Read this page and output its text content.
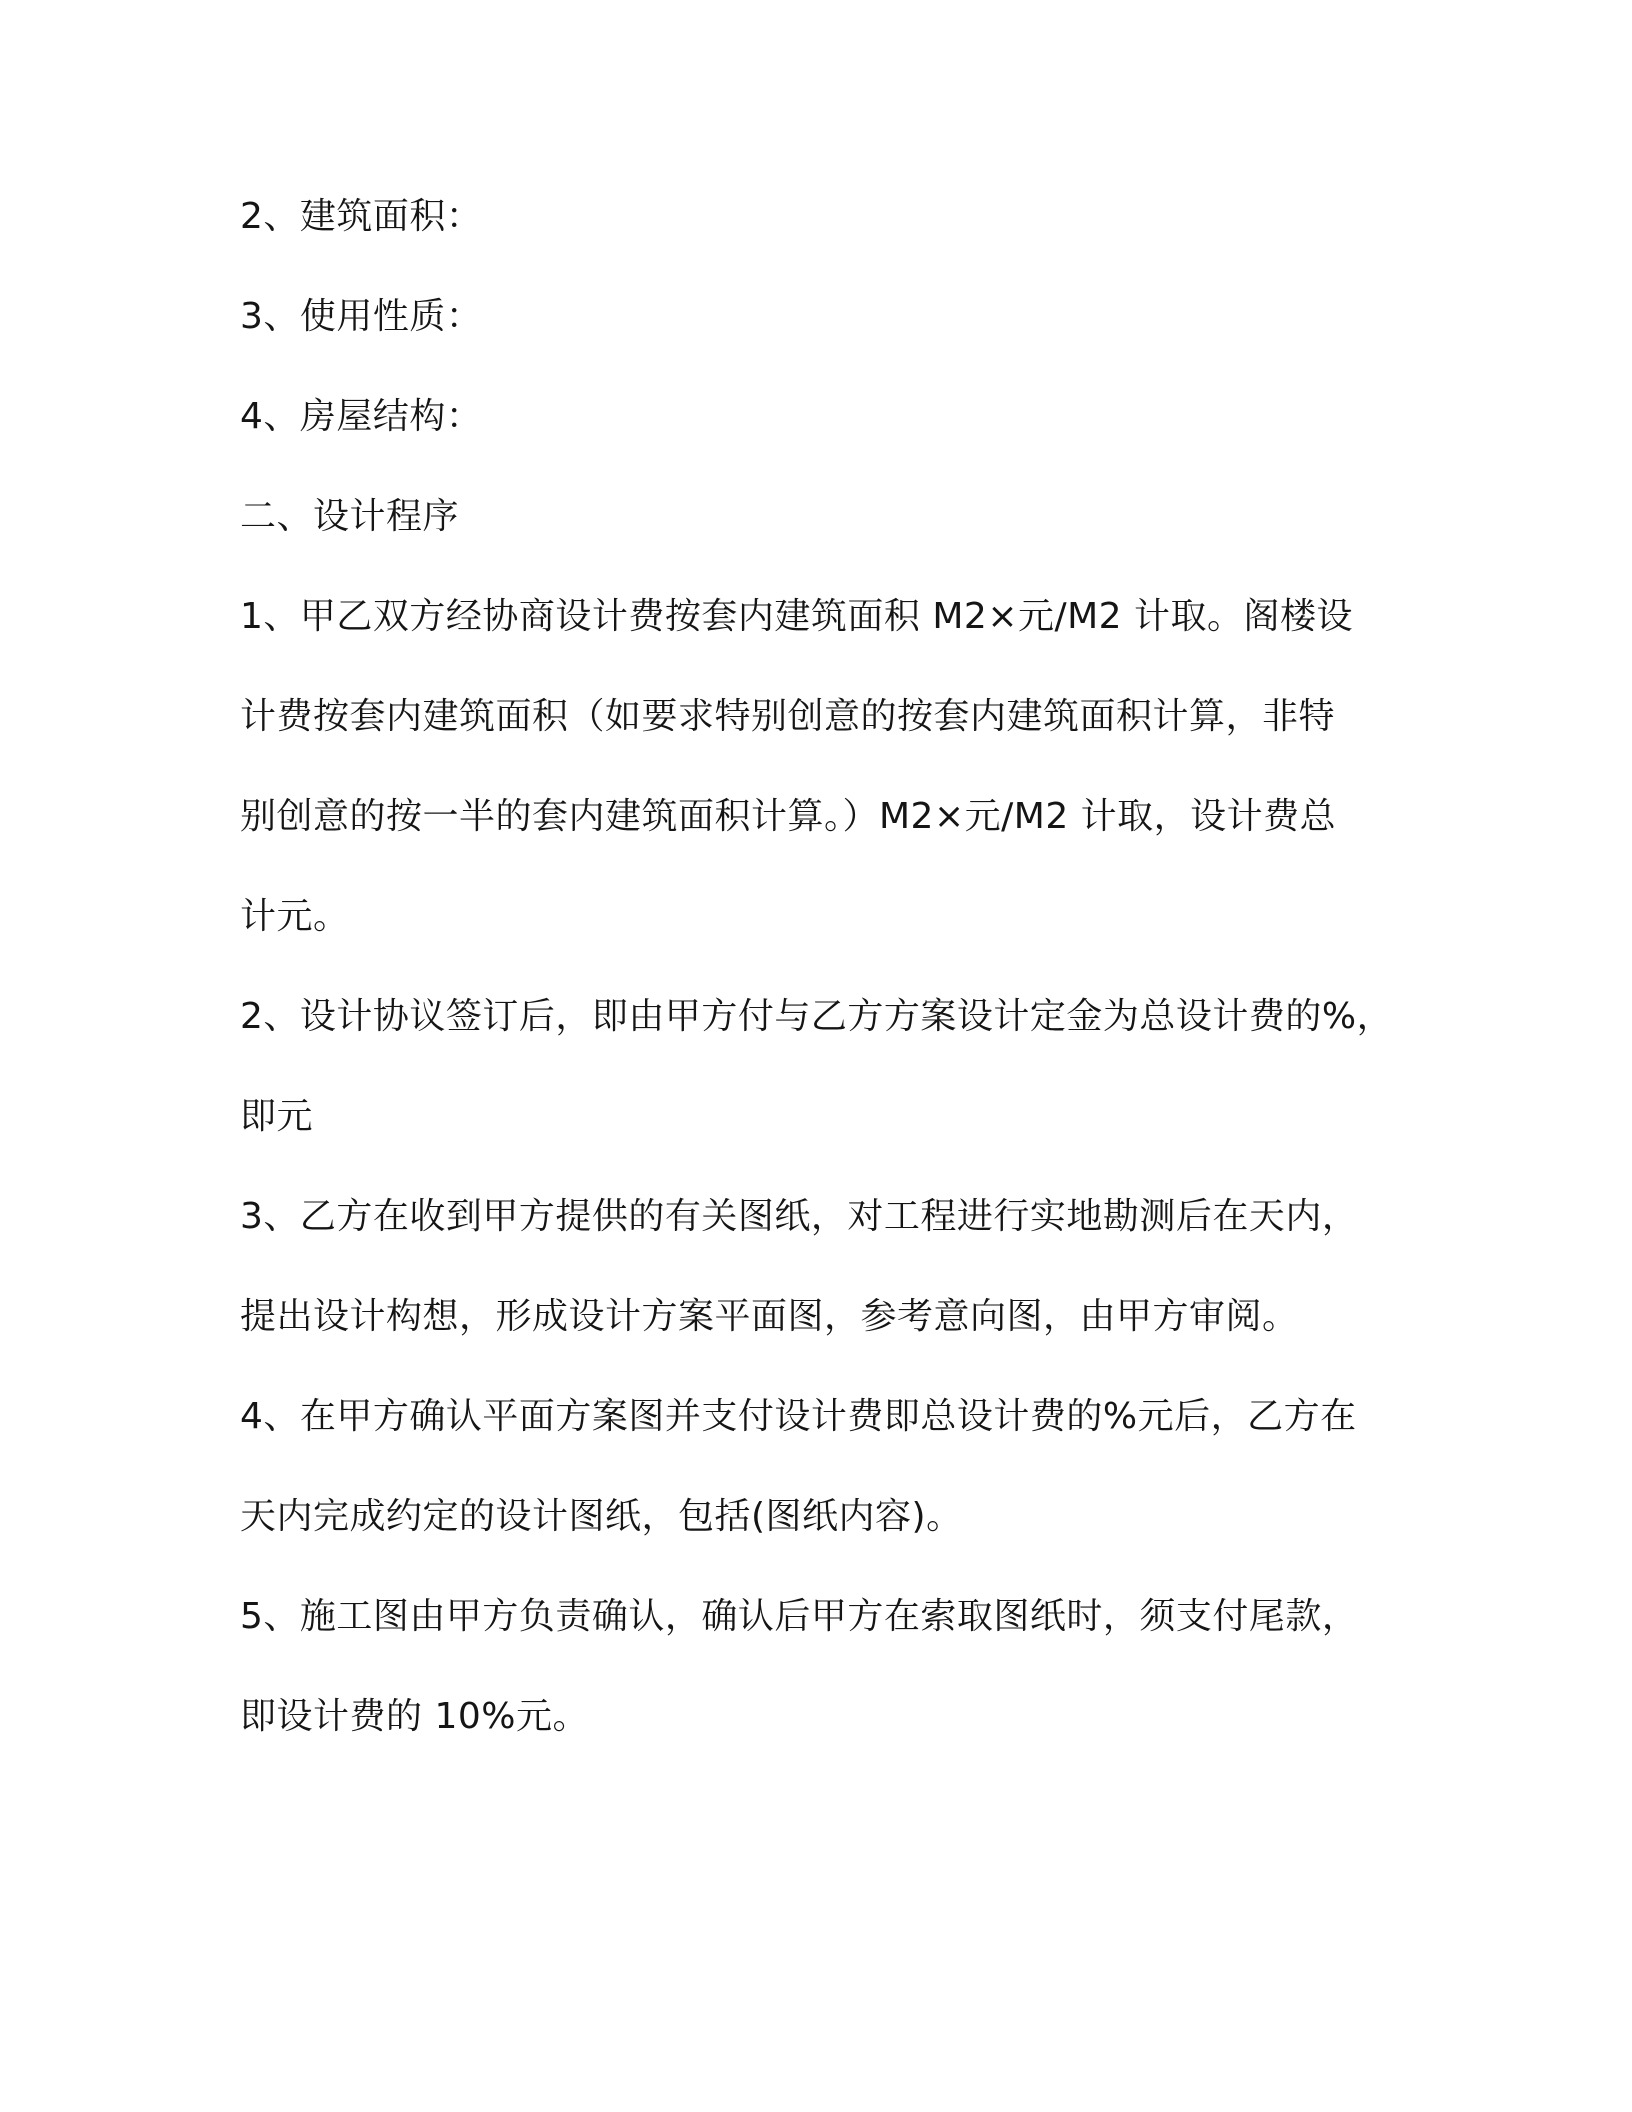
2、建筑面积：
3、使用性质：
4、房屋结构：
二、设计程序
1、甲乙双方经协商设计费按套内建筑面积 M2×元/M2 计取。阁楼设
计费按套内建筑面积（如要求特别创意的按套内建筑面积计算，非特
别创意的按一半的套内建筑面积计算。）M2×元/M2 计取，设计费总
计元。
2、设计协议签订后，即由甲方付与乙方方案设计定金为总设计费的%，
即元
3、乙方在收到甲方提供的有关图纸，对工程进行实地勘测后在天内，
提出设计构想，形成设计方案平面图，参考意向图，由甲方审阅。
4、在甲方确认平面方案图并支付设计费即总设计费的%元后，乙方在
天内完成约定的设计图纸，包括(图纸内容)。
5、施工图由甲方负责确认，确认后甲方在索取图纸时，须支付尾款，
即设计费的 10%元。
